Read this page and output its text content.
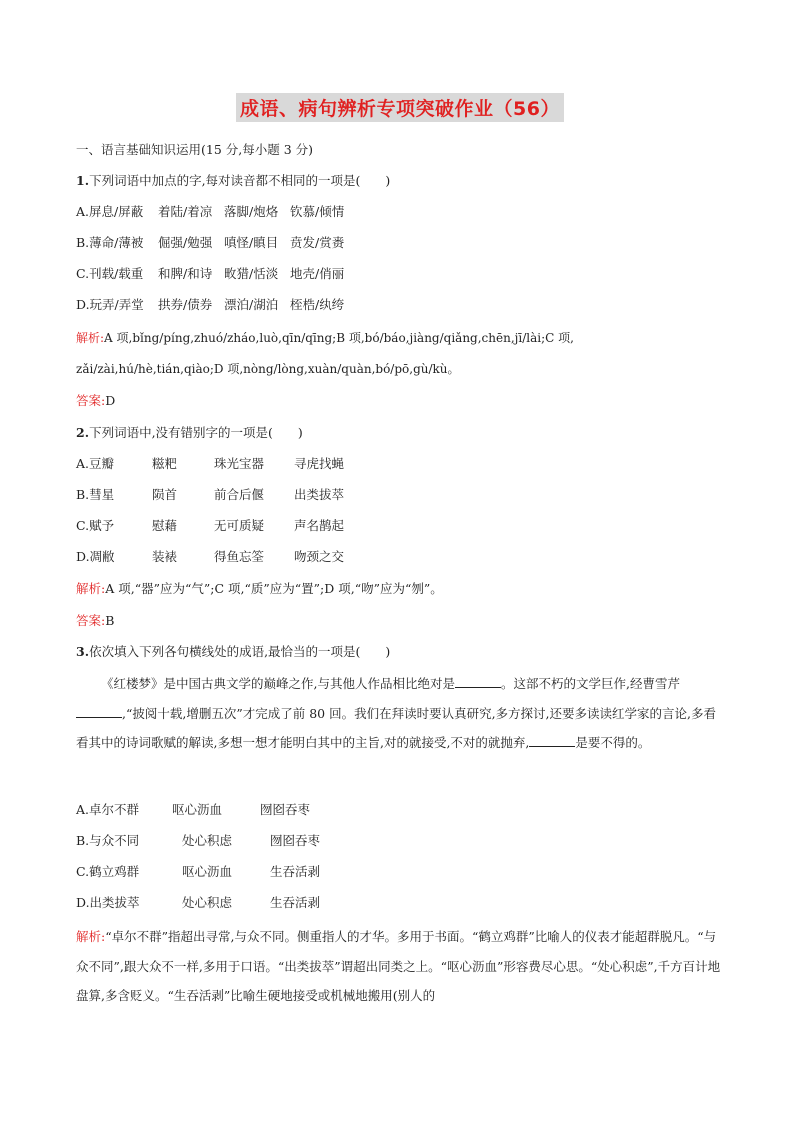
成语、病句辨析专项突破作业（56）
一、语言基础知识运用(15 分,每小题 3 分)
1.下列词语中加点的字,每对读音都不相同的一项是(　　)
A.屏息/屏蔽 着陆/着凉 落脚/炮烙 钦慕/倾情
B.薄命/薄被 倔强/勉强 嗔怪/瞋目 贲发/赏赉
C.刊载/载重 和脾/和诗 畋猎/恬淡 地壳/俏丽
D.玩弄/弄堂 拱券/债券 漂泊/湖泊 桎梏/纨绔
解析:A 项,bǐng/píng,zhuó/zháo,luò,qīn/qīng;B 项,bó/báo,jiàng/qiǎng,chēn,jī/lài;C 项,
zǎi/zài,hú/hè,tián,qiào;D 项,nòng/lòng,xuàn/quàn,bó/pō,gù/kù。
答案:D
2.下列词语中,没有错别字的一项是(　　)
A.豆瓣	糍粑	珠光宝器 寻虎找蝇
B.彗星	陨首	前合后偃 出类拔萃
C.赋予	慰藉	无可质疑 声名鹊起
D.凋敝	装裱	得鱼忘筌 吻颈之交
解析:A 项,“器”应为“气”;C 项,“质”应为“置”;D 项,“吻”应为“刎”。
答案:B
3.依次填入下列各句横线处的成语,最恰当的一项是(　　)
《红楼梦》是中国古典文学的巅峰之作,与其他人作品相比绝对是	。这部不朽的文学巨作,经曹雪芹,“披阅十载,增删五次”才完成了前 80 回。我们在拜读时要认真研究,多方探讨,还要多读读红学家的言论,多看看其中的诗词歌赋的解读,多想一想才能明白其中的主旨,对的就接受,不对的就抛弃,	是要不得的。
A.卓尔不群	呕心沥血	囫囵吞枣
B.与众不同	处心积虑	囫囵吞枣
C.鹤立鸡群	呕心沥血	生吞活剥
D.出类拔萃	处心积虑	生吞活剥
解析:“卓尔不群”指超出寻常,与众不同。侧重指人的才华。多用于书面。“鹤立鸡群”比喻人的仪表才能超群脱凡。“与众不同”,跟大众不一样,多用于口语。“出类拔萃”谓超出同类之上。“呕心沥血”形容费尽心思。“处心积虑”,千方百计地盘算,多含贬义。“生吞活剥”比喻生硬地接受或机械地搬用(别人的
